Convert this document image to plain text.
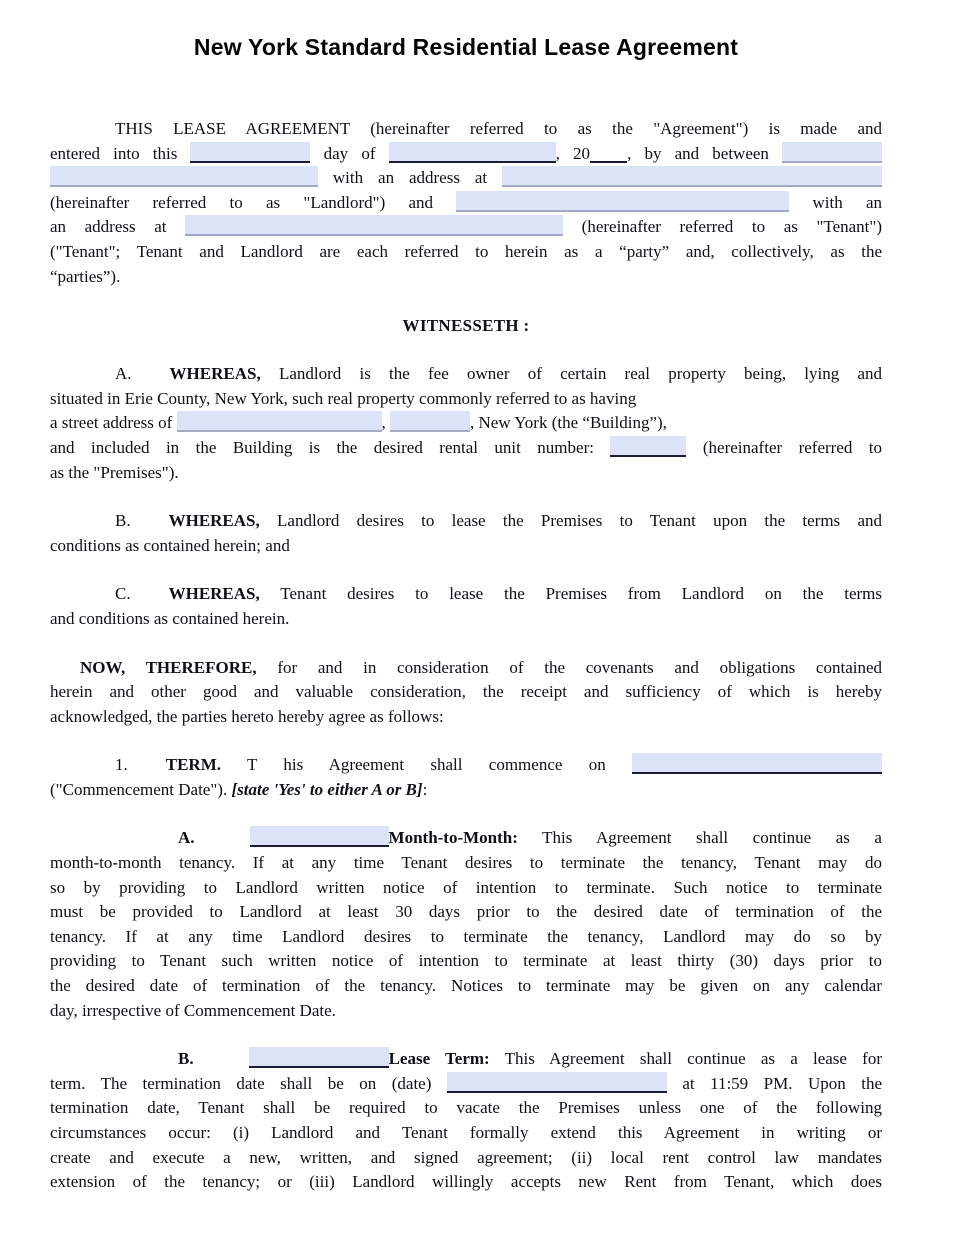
New York Standard Residential Lease Agreement
THIS LEASE AGREEMENT (hereinafter referred to as the "Agreement") is made and
entered into this	day of	, 20 , by and between
with an address at
(hereinafter referred to as "Landlord") and	with an
an address at	(hereinafter referred to as "Tenant")
("Tenant"; Tenant and Landlord are each referred to herein as a “party” and, collectively, as the
“parties”).
WITNESSETH :
A. WHEREAS, Landlord is the fee owner of certain real property being, lying and
situated in Erie County, New York, such real property commonly referred to as having
a street address of	,	, New York (the “Building”),
and included in the Building is the desired rental unit number:	(hereinafter referred to
as the "Premises").
B. WHEREAS, Landlord desires to lease the Premises to Tenant upon the terms and
conditions as contained herein; and
C. WHEREAS, Tenant desires to lease the Premises from Landlord on the terms
and conditions as contained herein.
NOW, THEREFORE, for and in consideration of the covenants and obligations contained
herein and other good and valuable consideration, the receipt and sufficiency of which is hereby
acknowledged, the parties hereto hereby agree as follows:
1. TERM. T his Agreement shall commence on
("Commencement Date"). [state 'Yes' to either A or B]:
A.	Month-to-Month: This Agreement shall continue as a
month-to-month tenancy. If at any time Tenant desires to terminate the tenancy, Tenant may do
so by providing to Landlord written notice of intention to terminate. Such notice to terminate
must be provided to Landlord at least 30 days prior to the desired date of termination of the
tenancy. If at any time Landlord desires to terminate the tenancy, Landlord may do so by
providing to Tenant such written notice of intention to terminate at least thirty (30) days prior to
the desired date of termination of the tenancy. Notices to terminate may be given on any calendar
day, irrespective of Commencement Date.
B.	Lease Term: This Agreement shall continue as a lease for
term. The termination date shall be on (date)	at 11:59 PM. Upon the
termination date, Tenant shall be required to vacate the Premises unless one of the following
circumstances occur: (i) Landlord and Tenant formally extend this Agreement in writing or
create and execute a new, written, and signed agreement; (ii) local rent control law mandates
extension of the tenancy; or (iii) Landlord willingly accepts new Rent from Tenant, which does
